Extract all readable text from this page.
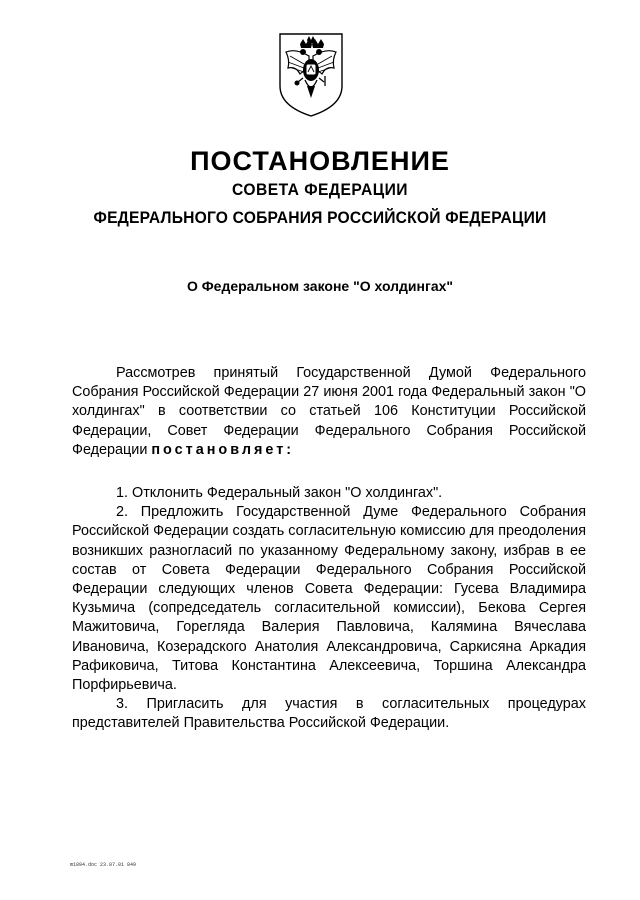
ПОСТАНОВЛЕНИЕ
СОВЕТА ФЕДЕРАЦИИ
ФЕДЕРАЛЬНОГО СОБРАНИЯ РОССИЙСКОЙ ФЕДЕРАЦИИ
О Федеральном законе "О холдингах"

Рассмотрев принятый Государственной Думой Федерального Собрания Российской Федерации 27 июня 2001 года Федеральный закон "О холдингах" в соответствии со статьей 106 Конституции Российской Федерации, Совет Федерации Федерального Собрания Российской Федерации постановляет:

1. Отклонить Федеральный закон "О холдингах".

2. Предложить Государственной Думе Федерального Собрания Российской Федерации создать согласительную комиссию для преодоления возникших разногласий по указанному Федеральному закону, избрав в ее состав от Совета Федерации Федерального Собрания Российской Федерации следующих членов Совета Федерации: Гусева Владимира Кузьмича (сопредседатель согласительной комиссии), Бекова Сергея Мажитовича, Горегляда Валерия Павловича, Калямина Вячеслава Ивановича, Козерадского Анатолия Александровича, Саркисяна Аркадия Рафиковича, Титова Константина Алексеевича, Торшина Александра Порфирьевича.

3. Пригласить для участия в согласительных процедурах представителей Правительства Российской Федерации.

m1894.doc 23.07.01 849
